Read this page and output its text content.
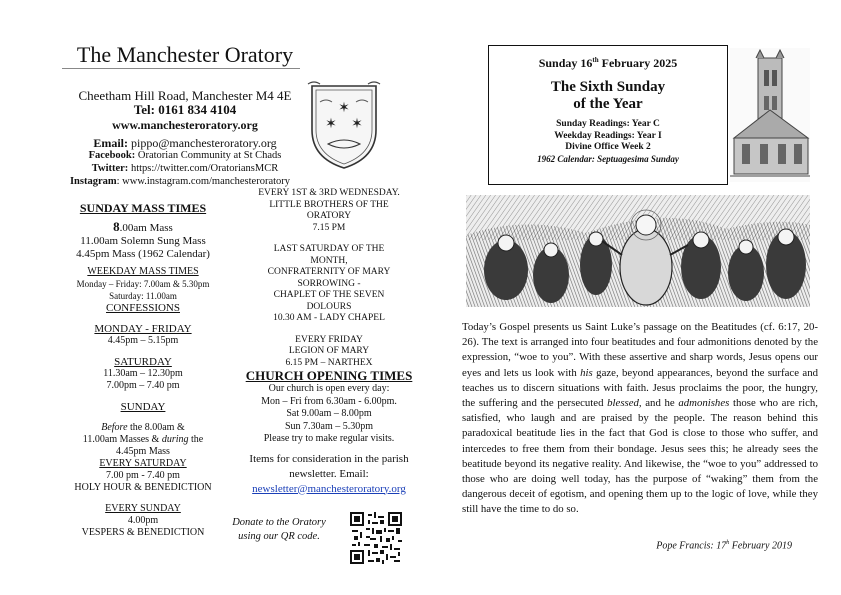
The Manchester Oratory
Cheetham Hill Road, Manchester M4 4E
Tel: 0161 834 4104
www.manchesteroratory.org
Email: pippo@manchesteroratory.org
Facebook: Oratorian Community at St Chads
Twitter: https://twitter.com/OratoriansMCR
Instagram: www.instagram.com/manchesteroratory
✶
✶ ✶
SUNDAY MASS TIMES
8.00am Mass
11.00am Solemn Sung Mass
4.45pm Mass (1962 Calendar)
WEEKDAY MASS TIMES
Monday – Friday: 7.00am & 5.30pm
Saturday: 11.00am
CONFESSIONS
MONDAY - FRIDAY
4.45pm – 5.15pm
SATURDAY
11.30am – 12.30pm
7.00pm – 7.40 pm
SUNDAY
Before the 8.00am &
11.00am Masses & during the
4.45pm Mass
EVERY SATURDAY
7.00 pm - 7.40 pm
HOLY HOUR & BENEDICTION
EVERY SUNDAY
4.00pm
VESPERS & BENEDICTION
EVERY 1ST & 3RD WEDNESDAY.
LITTLE BROTHERS OF THE
ORATORY
7.15 PM
LAST SATURDAY OF THE
MONTH,
CONFRATERNITY OF MARY
SORROWING -
CHAPLET OF THE SEVEN
DOLOURS
10.30 AM - LADY CHAPEL
EVERY FRIDAY
LEGION OF MARY
6.15 PM – NARTHEX
CHURCH OPENING TIMES
Our church is open every day:
Mon – Fri from 6.30am - 6.00pm.
Sat 9.00am – 8.00pm
Sun 7.30am – 5.30pm
Please try to make regular visits.
Items for consideration in the parish
newsletter. Email:
newsletter@manchesteroratory.org
Donate to the Oratory
using our QR code.
Sunday 16th February 2025
The Sixth Sunday
of the Year
Sunday Readings: Year C
Weekday Readings: Year I
Divine Office Week 2
1962 Calendar: Septuagesima Sunday
Today’s Gospel presents us Saint Luke’s passage on the Beatitudes (cf. 6:17, 20-26). The text is arranged into four beatitudes and four admonitions denoted by the expression, “woe to you”. With these assertive and sharp words, Jesus opens our eyes and lets us look with his gaze, beyond appearances, beyond the surface and teaches us to discern situations with faith. Jesus proclaims the poor, the hungry, the suffering and the persecuted blessed, and he admonishes those who are rich, satisfied, who laugh and are praised by the people. The reason behind this paradoxical beatitude lies in the fact that God is close to those who suffer, and intercedes to free them from their bondage. Jesus sees this; he already sees the beatitude beyond its negative reality. And likewise, the “woe to you” addressed to those who are doing well today, has the purpose of “waking” them from the dangerous deceit of egotism, and opening them up to the logic of love, while they still have the time to do so.
Pope Francis: 17$^h$ February 2019
